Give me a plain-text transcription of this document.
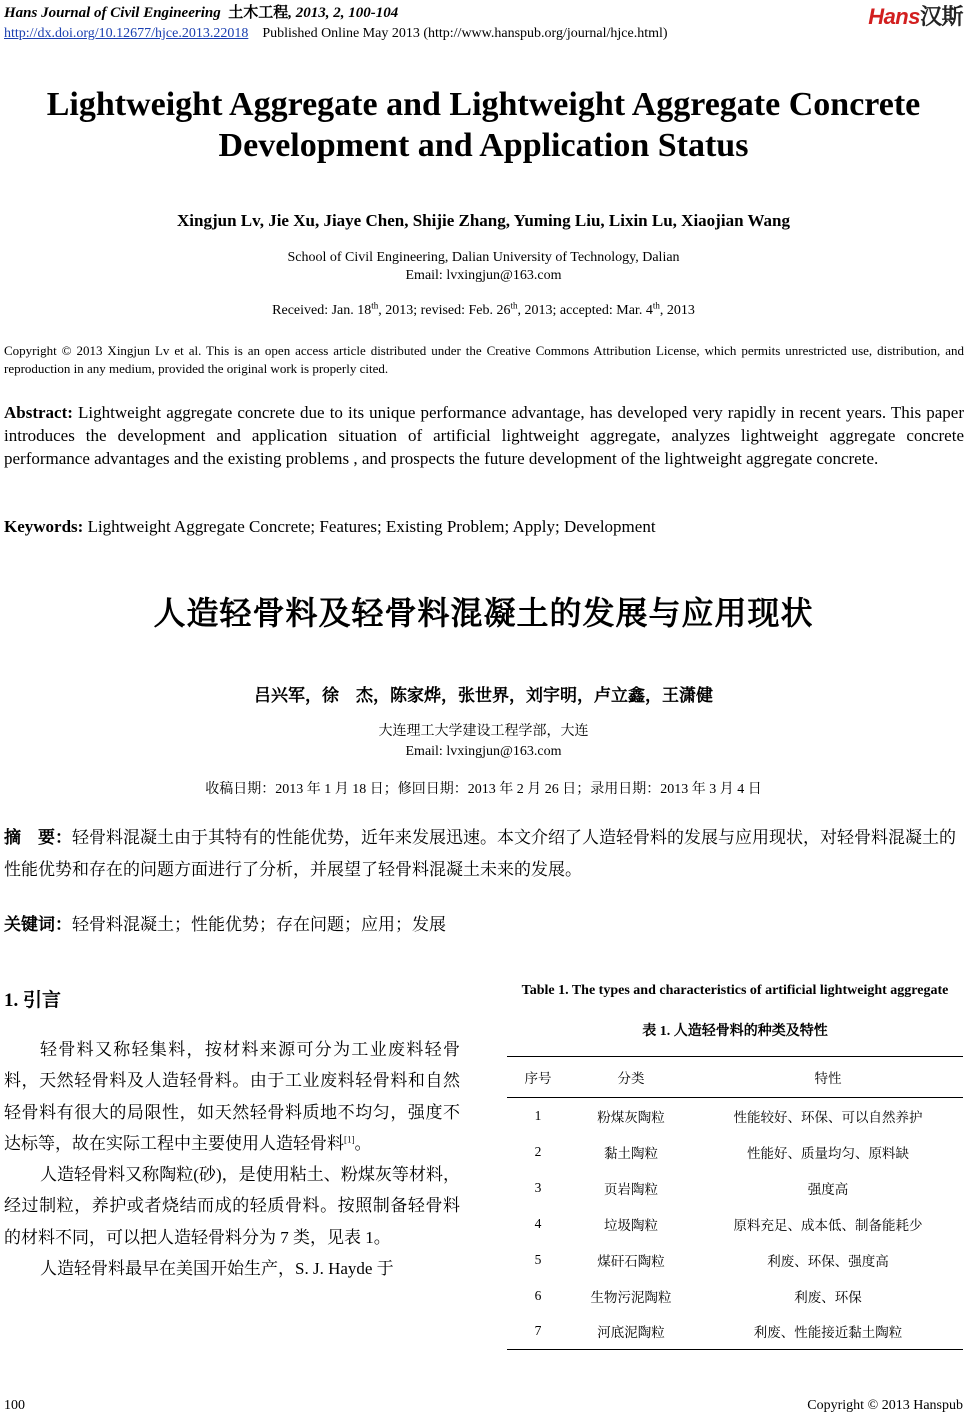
Hans Journal of Civil Engineering 土木工程, 2013, 2, 100-104
http://dx.doi.org/10.12677/hjce.2013.22018 Published Online May 2013 (http://www.hanspub.org/journal/hjce.html)
Hans汉斯
Lightweight Aggregate and Lightweight Aggregate Concrete
Development and Application Status
Xingjun Lv, Jie Xu, Jiaye Chen, Shijie Zhang, Yuming Liu, Lixin Lu, Xiaojian Wang
School of Civil Engineering, Dalian University of Technology, Dalian
Email: lvxingjun@163.com
Received: Jan. 18th, 2013; revised: Feb. 26th, 2013; accepted: Mar. 4th, 2013
Copyright © 2013 Xingjun Lv et al. This is an open access article distributed under the Creative Commons Attribution License, which permits unrestricted use, distribution, and reproduction in any medium, provided the original work is properly cited.
Abstract: Lightweight aggregate concrete due to its unique performance advantage, has developed very rapidly in recent years. This paper introduces the development and application situation of artificial lightweight aggregate, analyzes lightweight aggregate concrete performance advantages and the existing problems , and prospects the future development of the lightweight aggregate concrete.
Keywords: Lightweight Aggregate Concrete; Features; Existing Problem; Apply; Development
人造轻骨料及轻骨料混凝土的发展与应用现状
吕兴军，徐　杰，陈家烨，张世界，刘宇明，卢立鑫，王潇健
大连理工大学建设工程学部，大连
Email: lvxingjun@163.com
收稿日期：2013 年 1 月 18 日；修回日期：2013 年 2 月 26 日；录用日期：2013 年 3 月 4 日
摘　要：轻骨料混凝土由于其特有的性能优势，近年来发展迅速。本文介绍了人造轻骨料的发展与应用现状，对轻骨料混凝土的性能优势和存在的问题方面进行了分析，并展望了轻骨料混凝土未来的发展。
关键词：轻骨料混凝土；性能优势；存在问题；应用；发展
1. 引言

轻骨料又称轻集料，按材料来源可分为工业废料轻骨料，天然轻骨料及人造轻骨料。由于工业废料轻骨料和自然轻骨料有很大的局限性，如天然轻骨料质地不均匀，强度不达标等，故在实际工程中主要使用人造轻骨料[1]。

人造轻骨料又称陶粒(砂)，是使用粘土、粉煤灰等材料，经过制粒，养护或者烧结而成的轻质骨料。按照制备轻骨料的材料不同，可以把人造轻骨料分为 7 类，见表 1。

人造轻骨料最早在美国开始生产，S. J. Hayde 于

Table 1. The types and characteristics of artificial lightweight aggregate
表 1. 人造轻骨料的种类及特性
序号	分类	特性
1	粉煤灰陶粒	性能较好、环保、可以自然养护
2	黏土陶粒	性能好、质量均匀、原料缺
3	页岩陶粒	强度高
4	垃圾陶粒	原料充足、成本低、制备能耗少
5	煤矸石陶粒	利废、环保、强度高
6	生物污泥陶粒	利废、环保
7	河底泥陶粒	利废、性能接近黏土陶粒
100	Copyright © 2013 Hanspub
